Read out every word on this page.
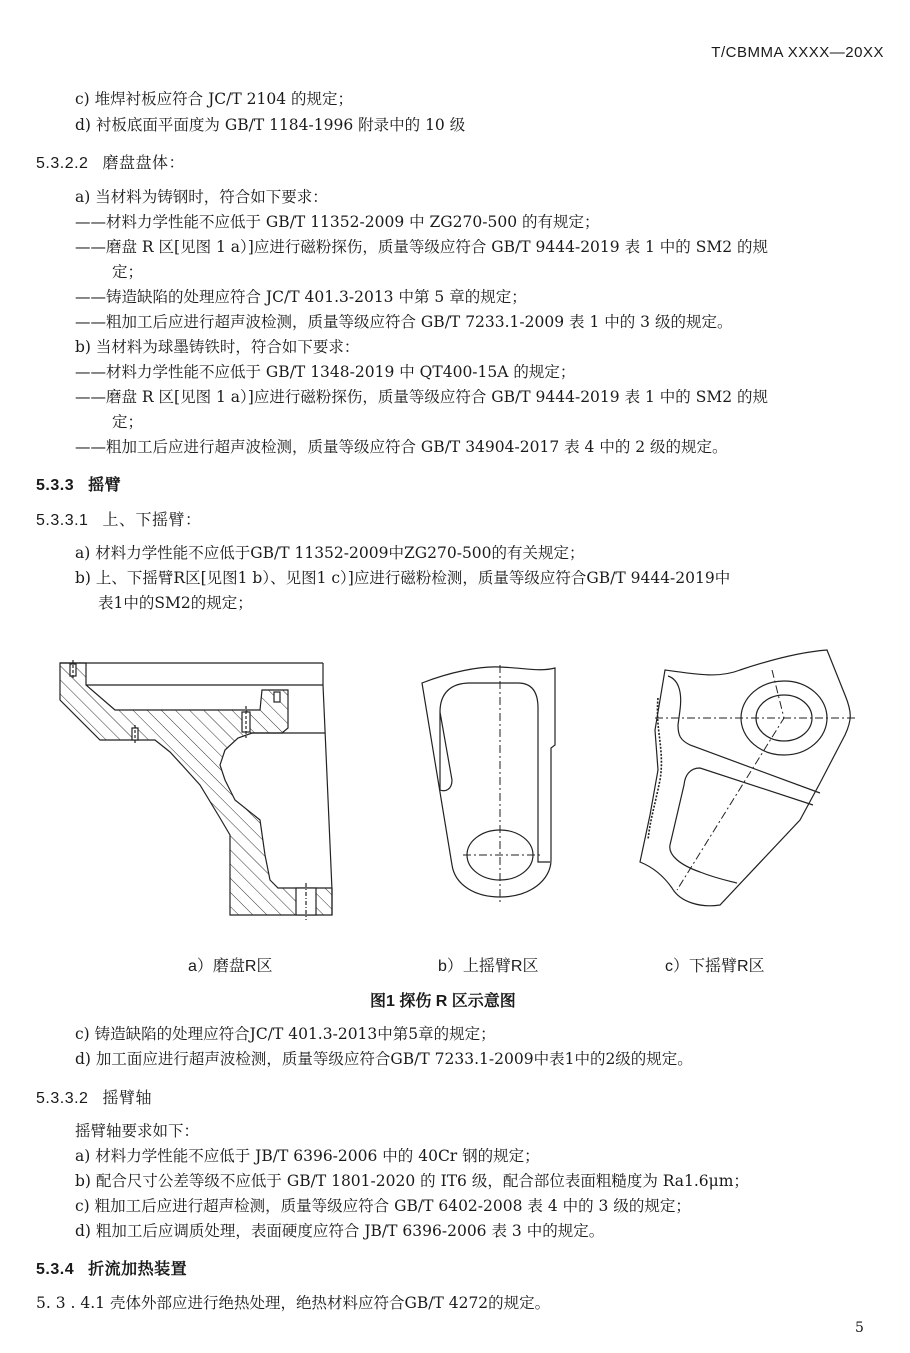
T/CBMMA XXXX—20XX
c) 堆焊衬板应符合 JC/T 2104 的规定；
d) 衬板底面平面度为 GB/T 1184-1996 附录中的 10 级
5.3.2.2 磨盘盘体：
a) 当材料为铸钢时，符合如下要求：
——材料力学性能不应低于 GB/T 11352-2009 中 ZG270-500 的有规定；
——磨盘 R 区[见图 1 a）]应进行磁粉探伤，质量等级应符合 GB/T 9444-2019 表 1 中的 SM2 的规
定；
——铸造缺陷的处理应符合 JC/T 401.3-2013 中第 5 章的规定；
——粗加工后应进行超声波检测，质量等级应符合 GB/T 7233.1-2009 表 1 中的 3 级的规定。
b) 当材料为球墨铸铁时，符合如下要求：
——材料力学性能不应低于 GB/T 1348-2019 中 QT400-15A 的规定；
——磨盘 R 区[见图 1 a）]应进行磁粉探伤，质量等级应符合 GB/T 9444-2019 表 1 中的 SM2 的规
定；
——粗加工后应进行超声波检测，质量等级应符合 GB/T 34904-2017 表 4 中的 2 级的规定。
5.3.3 摇臂
5.3.3.1 上、下摇臂：
a) 材料力学性能不应低于GB/T 11352-2009中ZG270-500的有关规定；
b) 上、下摇臂R区[见图1 b）、见图1 c）]应进行磁粉检测，质量等级应符合GB/T 9444-2019中
表1中的SM2的规定；
a）磨盘R区	b）上摇臂R区	c）下摇臂R区
图1 探伤 R 区示意图
c) 铸造缺陷的处理应符合JC/T 401.3-2013中第5章的规定；
d) 加工面应进行超声波检测，质量等级应符合GB/T 7233.1-2009中表1中的2级的规定。
5.3.3.2 摇臂轴
摇臂轴要求如下：
a) 材料力学性能不应低于 JB/T 6396-2006 中的 40Cr 钢的规定；
b) 配合尺寸公差等级不应低于 GB/T 1801-2020 的 IT6 级，配合部位表面粗糙度为 Ra1.6μm；
c) 粗加工后应进行超声检测，质量等级应符合 GB/T 6402-2008 表 4 中的 3 级的规定；
d) 粗加工后应调质处理，表面硬度应符合 JB/T 6396-2006 表 3 中的规定。
5.3.4 折流加热装置
5. 3 . 4.1 壳体外部应进行绝热处理，绝热材料应符合GB/T 4272的规定。
5
